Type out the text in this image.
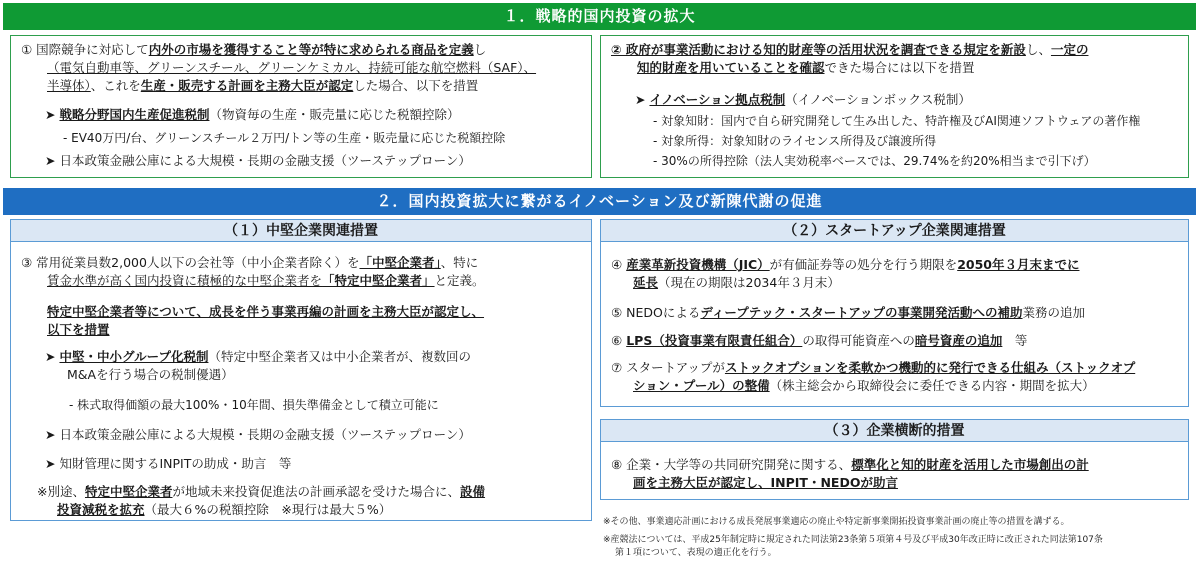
１．戦略的国内投資の拡大
① 国際競争に対応して内外の市場を獲得すること等が特に求められる商品を定義し
（電気自動車等、グリーンスチール、グリーンケミカル、持続可能な航空燃料（SAF）、
半導体）、これを生産・販売する計画を主務大臣が認定した場合、以下を措置
➤ 戦略分野国内生産促進税制（物資毎の生産・販売量に応じた税額控除）
- EV40万円/台、グリーンスチール２万円/トン等の生産・販売量に応じた税額控除
➤ 日本政策金融公庫による大規模・長期の金融支援（ツーステップローン）
② 政府が事業活動における知的財産等の活用状況を調査できる規定を新設し、一定の
知的財産を用いていることを確認できた場合には以下を措置
➤ イノベーション拠点税制（イノベーションボックス税制）
- 対象知財：国内で自ら研究開発して生み出した、特許権及びAI関連ソフトウェアの著作権
- 対象所得：対象知財のライセンス所得及び譲渡所得
- 30%の所得控除（法人実効税率ベースでは、29.74%を約20%相当まで引下げ）
２．国内投資拡大に繋がるイノベーション及び新陳代謝の促進
（１）中堅企業関連措置
③ 常用従業員数2,000人以下の会社等（中小企業者除く）を「中堅企業者」、特に
賃金水準が高く国内投資に積極的な中堅企業者を「特定中堅企業者」と定義。
特定中堅企業者等について、成長を伴う事業再編の計画を主務大臣が認定し、
以下を措置
➤ 中堅・中小グループ化税制（特定中堅企業者又は中小企業者が、複数回の
M&Aを行う場合の税制優遇）
- 株式取得価額の最大100%・10年間、損失準備金として積立可能に
➤ 日本政策金融公庫による大規模・長期の金融支援（ツーステップローン）
➤ 知財管理に関するINPITの助成・助言　等
※別途、特定中堅企業者が地域未来投資促進法の計画承認を受けた場合に、設備
投資減税を拡充（最大６%の税額控除　※現行は最大５%）
（２）スタートアップ企業関連措置
④ 産業革新投資機構（JIC）が有価証券等の処分を行う期限を2050年３月末までに
延長（現在の期限は2034年３月末）
⑤ NEDOによるディープテック・スタートアップの事業開発活動への補助業務の追加
⑥ LPS（投資事業有限責任組合）の取得可能資産への暗号資産の追加　等
⑦ スタートアップがストックオプションを柔軟かつ機動的に発行できる仕組み（ストックオプ
ション・プール）の整備（株主総会から取締役会に委任できる内容・期間を拡大）
（３）企業横断的措置
⑧ 企業・大学等の共同研究開発に関する、標準化と知的財産を活用した市場創出の計
画を主務大臣が認定し、INPIT・NEDOが助言
※その他、事業適応計画における成長発展事業適応の廃止や特定新事業開拓投資事業計画の廃止等の措置を講ずる。
※産競法については、平成25年制定時に規定された同法第23条第５項第４号及び平成30年改正時に改正された同法第107条
第１項について、表現の適正化を行う。
